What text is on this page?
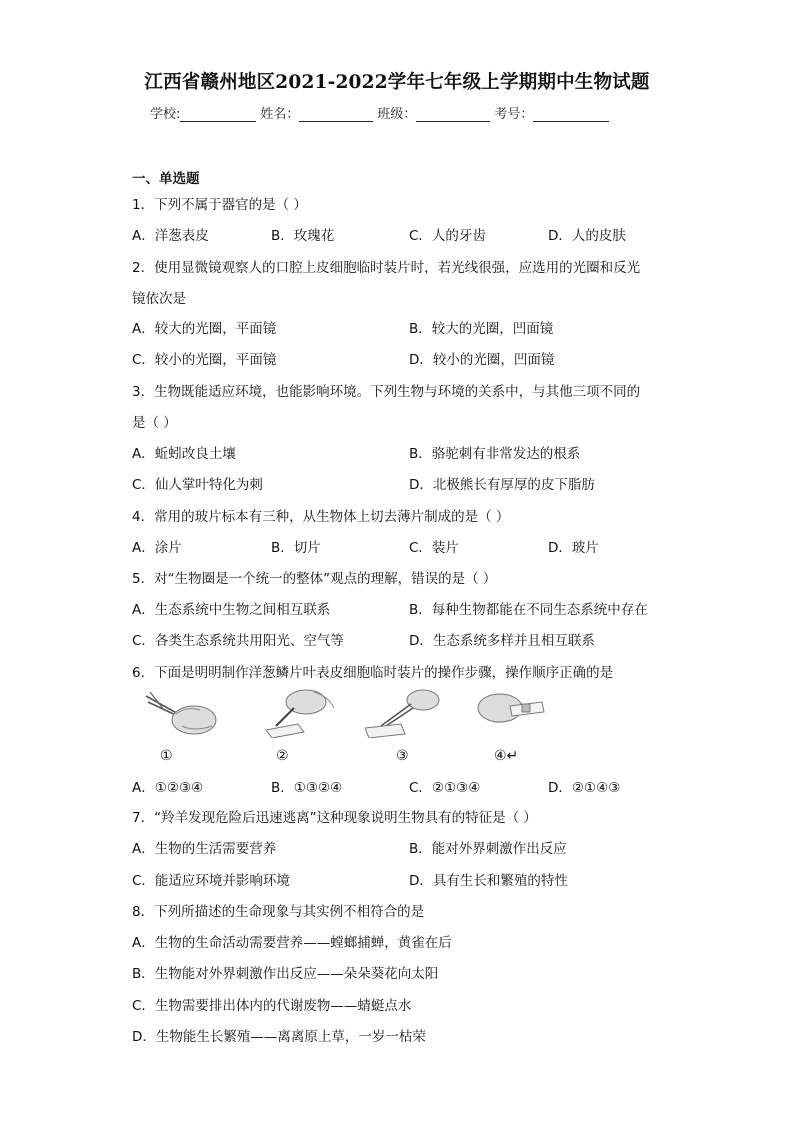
江西省赣州地区2021-2022学年七年级上学期期中生物试题
学校:	姓名：	班级：	考号：
一、单选题
1．下列不属于器官的是（ ）
A．洋葱表皮	B．玫瑰花	C．人的牙齿	D．人的皮肤
2．使用显微镜观察人的口腔上皮细胞临时装片时，若光线很强，应选用的光圈和反光
镜依次是
A．较大的光圈，平面镜	B．较大的光圈，凹面镜
C．较小的光圈，平面镜	D．较小的光圈，凹面镜
3．生物既能适应环境，也能影响环境。下列生物与环境的关系中，与其他三项不同的
是（ ）
A．蚯蚓改良土壤	B．骆驼刺有非常发达的根系
C．仙人掌叶特化为刺	D．北极熊长有厚厚的皮下脂肪
4．常用的玻片标本有三种，从生物体上切去薄片制成的是（ ）
A．涂片	B．切片	C．装片	D．玻片
5．对“生物圈是一个统一的整体”观点的理解，错误的是（ ）
A．生态系统中生物之间相互联系	B．每种生物都能在不同生态系统中存在
C．各类生态系统共用阳光、空气等	D．生态系统多样并且相互联系
6．下面是明明制作洋葱鳞片叶表皮细胞临时装片的操作步骤，操作顺序正确的是
①	②	③	④↵
A．①②③④	B．①③②④	C．②①③④	D．②①④③
7．“羚羊发现危险后迅速逃离”这种现象说明生物具有的特征是（ ）
A．生物的生活需要营养	B．能对外界刺激作出反应
C．能适应环境并影响环境	D．具有生长和繁殖的特性
8．下列所描述的生命现象与其实例不相符合的是
A．生物的生命活动需要营养——螳螂捕蝉，黄雀在后
B．生物能对外界刺激作出反应——朵朵葵花向太阳
C．生物需要排出体内的代谢废物——蜻蜓点水
D．生物能生长繁殖——离离原上草，一岁一枯荣
